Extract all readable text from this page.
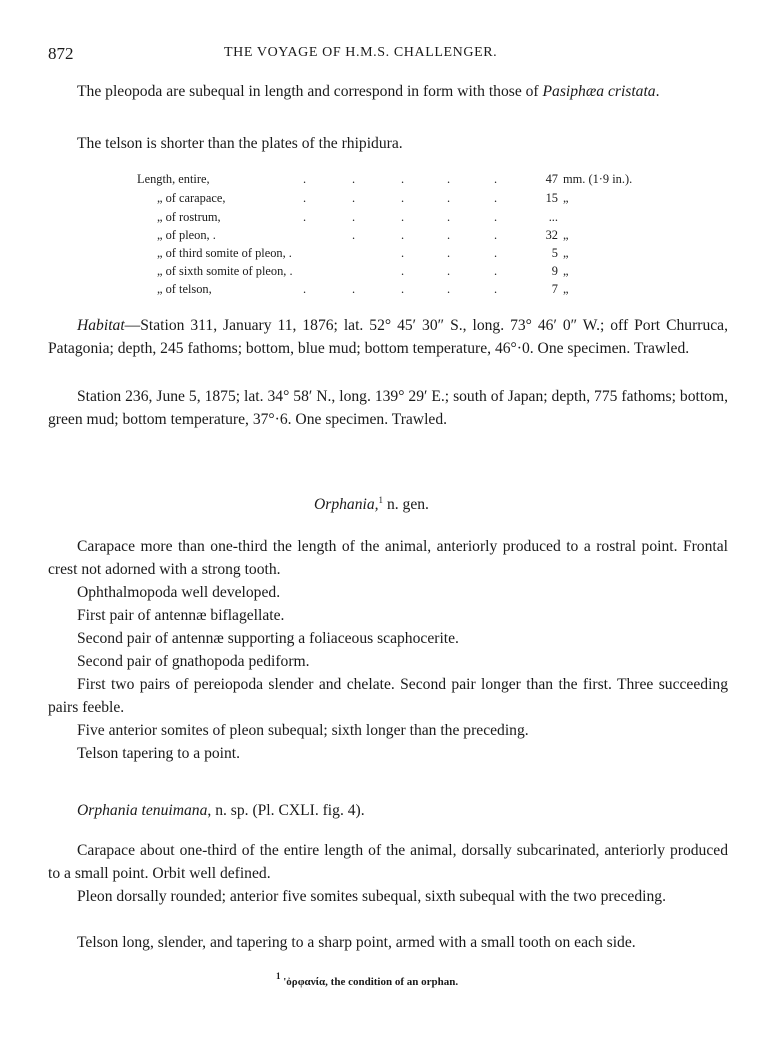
872	THE VOYAGE OF H.M.S. CHALLENGER.

The pleopoda are subequal in length and correspond in form with those of Pasiphæa cristata.

The telson is shorter than the plates of the rhipidura.
Length, entire,	.	.	.	.	.	47 mm. (1·9 in.).
„ of carapace,	.	.	.	.	.	15 „
„ of rostrum,	.	.	.	.	.	...
„ of pleon, .	.	.	.	.	32 „
„ of third somite of pleon, .	.	.	.	5 „
„ of sixth somite of pleon, .	.	.	.	9 „
„ of telson,	.	.	.	.	.	7 „

Habitat—Station 311, January 11, 1876; lat. 52° 45′ 30″ S., long. 73° 46′ 0″ W.; off Port Churruca, Patagonia; depth, 245 fathoms; bottom, blue mud; bottom temperature, 46°·0. One specimen. Trawled.

Station 236, June 5, 1875; lat. 34° 58′ N., long. 139° 29′ E.; south of Japan; depth, 775 fathoms; bottom, green mud; bottom temperature, 37°·6. One specimen. Trawled.

Orphania,$^1$ n. gen.

Carapace more than one-third the length of the animal, anteriorly produced to a rostral point. Frontal crest not adorned with a strong tooth.

Ophthalmopoda well developed.
First pair of antennæ biflagellate.
Second pair of antennæ supporting a foliaceous scaphocerite.
Second pair of gnathopoda pediform.

First two pairs of pereiopoda slender and chelate. Second pair longer than the first. Three succeeding pairs feeble.

Five anterior somites of pleon subequal; sixth longer than the preceding.
Telson tapering to a point.
Orphania tenuimana, n. sp. (Pl. CXLI. fig. 4).

Carapace about one-third of the entire length of the animal, dorsally subcarinated, anteriorly produced to a small point. Orbit well defined.

Pleon dorsally rounded; anterior five somites subequal, sixth subequal with the two preceding.

Telson long, slender, and tapering to a sharp point, armed with a small tooth on each side.

$^1$ 'ὀρφανία, the condition of an orphan.
